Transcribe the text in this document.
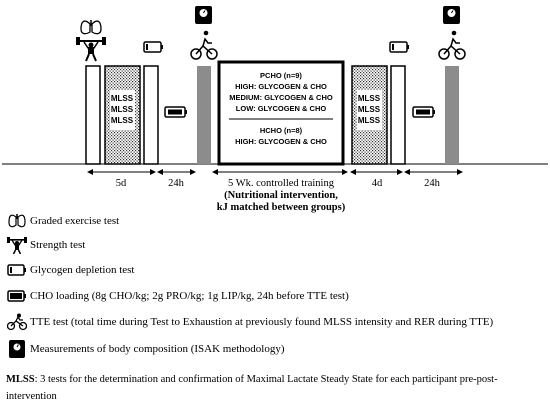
MLSS
MLSS
MLSS
PCHO (n=9)
HIGH: GLYCOGEN & CHO
MEDIUM: GLYCOGEN & CHO
LOW: GLYCOGEN & CHO
HCHO (n=8)
HIGH: GLYCOGEN & CHO
MLSS
MLSS
MLSS
5d	24h	5 Wk. controlled training
(Nutritional intervention,
kJ matched between groups)
4d	24h
Graded exercise test
Strength test
Glycogen depletion test
CHO loading (8g CHO/kg; 2g PRO/kg; 1g LIP/kg, 24h before TTE test)
TTE test (total time during Test to Exhaustion at previously found MLSS intensity and RER during TTE)
Measurements of body composition (ISAK methodology)
MLSS: 3 tests for the determination and confirmation of Maximal Lactate Steady State for each participant pre-post-intervention
